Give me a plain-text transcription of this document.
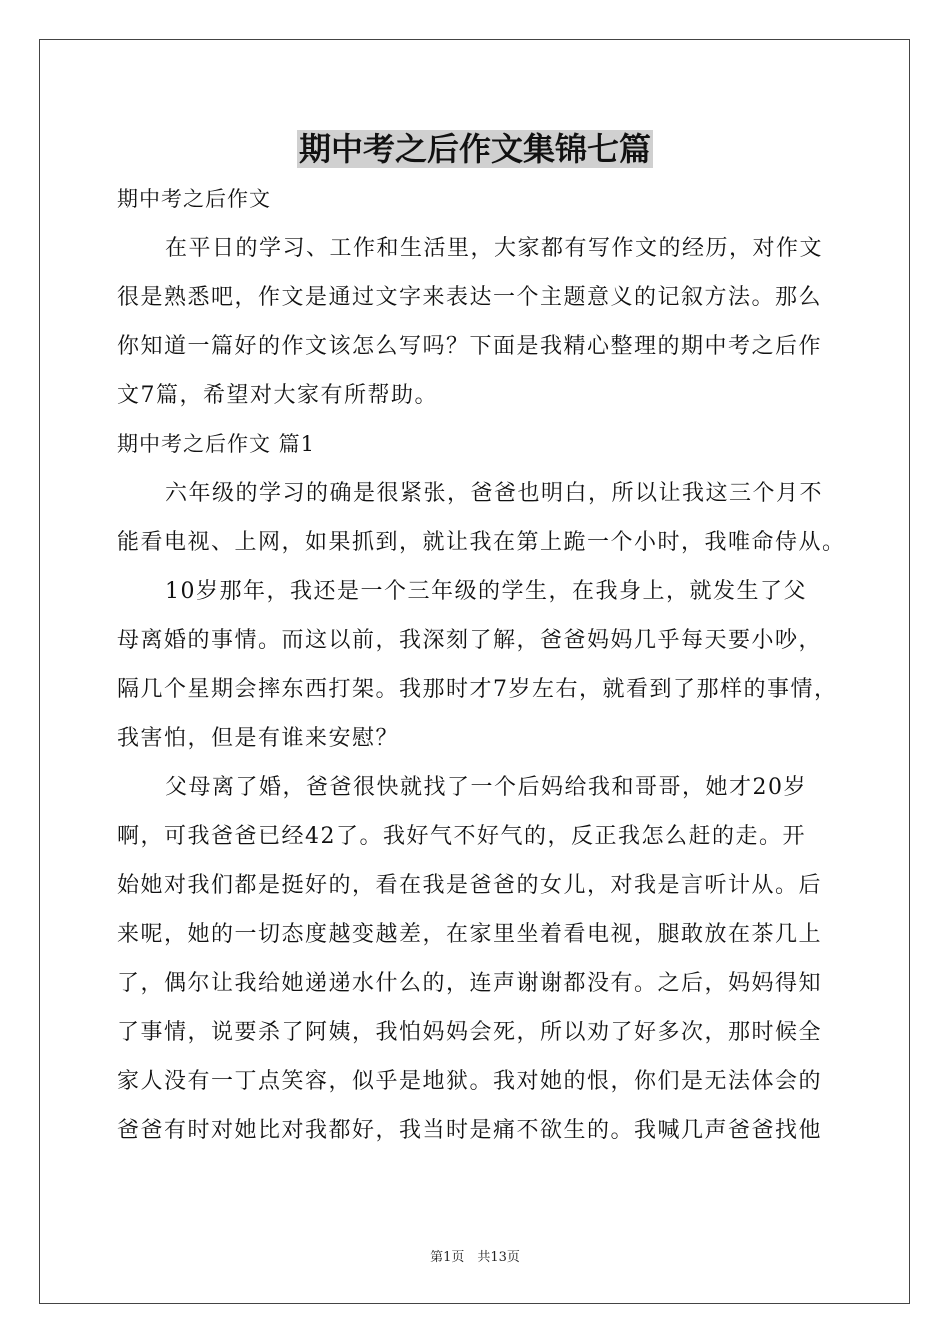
期中考之后作文集锦七篇

期中考之后作文

在平日的学习、工作和生活里，大家都有写作文的经历，对作文

很是熟悉吧，作文是通过文字来表达一个主题意义的记叙方法。那么

你知道一篇好的作文该怎么写吗？下面是我精心整理的期中考之后作

文7篇，希望对大家有所帮助。

期中考之后作文 篇1

六年级的学习的确是很紧张，爸爸也明白，所以让我这三个月不

能看电视、上网，如果抓到，就让我在第上跪一个小时，我唯命侍从。

10岁那年，我还是一个三年级的学生，在我身上，就发生了父

母离婚的事情。而这以前，我深刻了解，爸爸妈妈几乎每天要小吵，

隔几个星期会摔东西打架。我那时才7岁左右，就看到了那样的事情，

我害怕，但是有谁来安慰？

父母离了婚，爸爸很快就找了一个后妈给我和哥哥，她才20岁

啊，可我爸爸已经42了。我好气不好气的，反正我怎么赶的走。开

始她对我们都是挺好的，看在我是爸爸的女儿，对我是言听计从。后

来呢，她的一切态度越变越差，在家里坐着看电视，腿敢放在茶几上

了，偶尔让我给她递递水什么的，连声谢谢都没有。之后，妈妈得知

了事情，说要杀了阿姨，我怕妈妈会死，所以劝了好多次，那时候全

家人没有一丁点笑容，似乎是地狱。我对她的恨，你们是无法体会的

爸爸有时对她比对我都好，我当时是痛不欲生的。我喊几声爸爸找他

第1页　共13页
